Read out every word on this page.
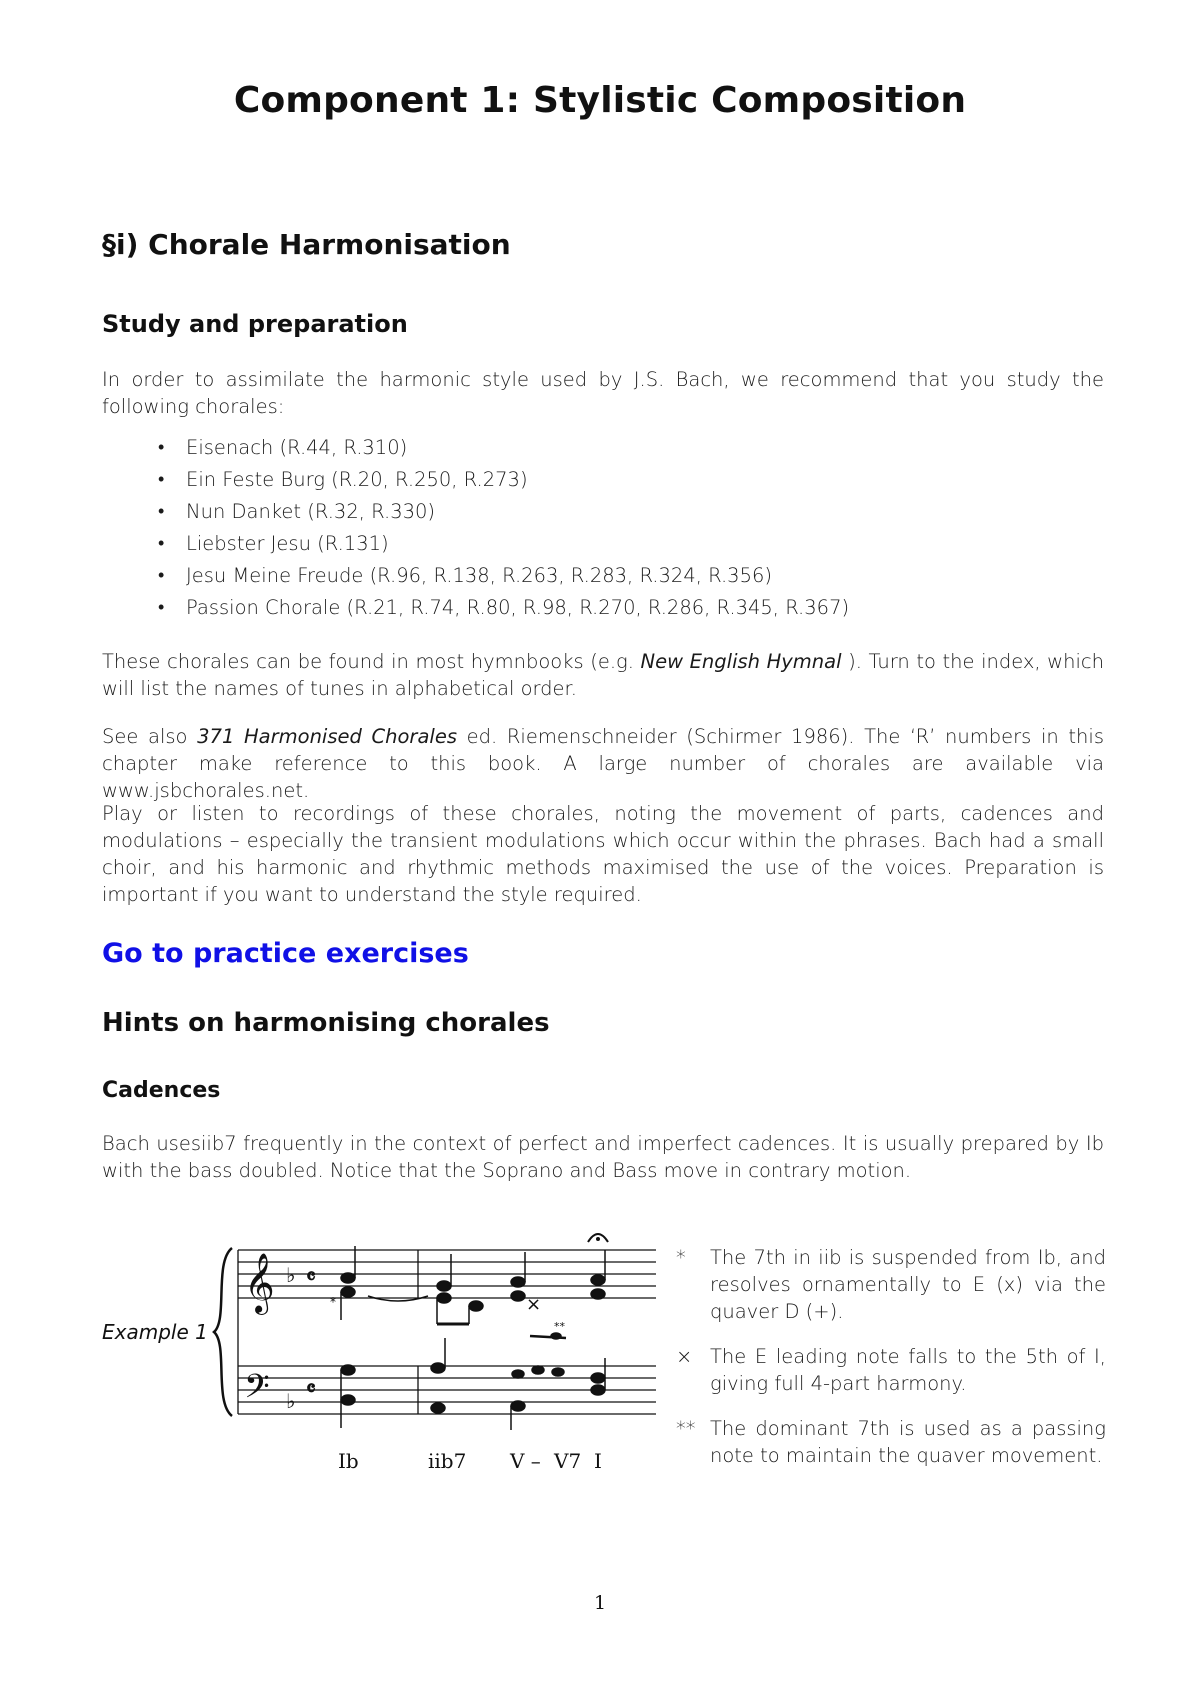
Component 1: Stylistic Composition
§i) Chorale Harmonisation
Study and preparation
In order to assimilate the harmonic style used by J.S. Bach, we recommend that you study the following chorales:
• Eisenach (R.44, R.310)
• Ein Feste Burg (R.20, R.250, R.273)
• Nun Danket (R.32, R.330)
• Liebster Jesu (R.131)
• Jesu Meine Freude (R.96, R.138, R.263, R.283, R.324, R.356)
• Passion Chorale (R.21, R.74, R.80, R.98, R.270, R.286, R.345, R.367)
These chorales can be found in most hymnbooks (e.g. New English Hymnal ). Turn to the index, which will list the names of tunes in alphabetical order.
See also 371 Harmonised Chorales ed. Riemenschneider (Schirmer 1986). The ‘R’ numbers in this chapter make reference to this book. A large number of chorales are available via www.jsbchorales.net.
Play or listen to recordings of these chorales, noting the movement of parts, cadences and modulations – especially the transient modulations which occur within the phrases. Bach had a small choir, and his harmonic and rhythmic methods maximised the use of the voices. Preparation is important if you want to understand the style required.
Go to practice exercises
Hints on harmonising chorales
Cadences
Bach usesiib7 frequently in the context of perfect and imperfect cadences. It is usually prepared by Ib with the bass doubled. Notice that the Soprano and Bass move in contrary motion.
Example 1
𝄞
𝄢
♭
♭
𝄴
𝄴
*	×
**
Ib	iib7 V – V7 I
* The 7th in iib is suspended from Ib, and resolves ornamentally to E (x) via the quaver D (+).
× The E leading note falls to the 5th of I, giving full 4-part harmony.
** The dominant 7th is used as a passing note to maintain the quaver movement.
1
